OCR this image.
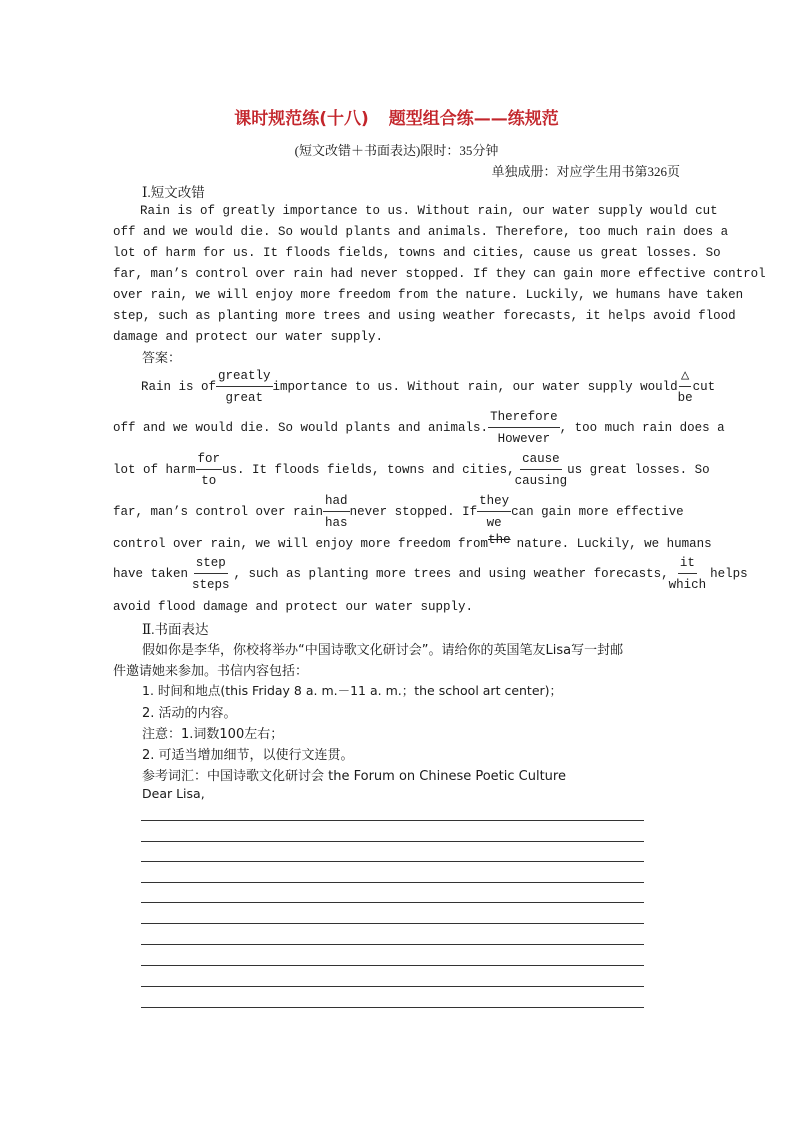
课时规范练(十八) 题型组合练——练规范
(短文改错＋书面表达)限时：35分钟
单独成册：对应学生用书第326页
Ⅰ.短文改错
Rain is of greatly importance to us. Without rain, our water supply would cut
off and we would die. So would plants and animals. Therefore, too much rain does a
lot of harm for us. It floods fields, towns and cities, cause us great losses. So
far, man’s control over rain had never stopped. If they can gain more effective control
over rain, we will enjoy more freedom from the nature. Luckily, we humans have taken
step, such as planting more trees and using weather forecasts, it helps avoid flood
damage and protect our water supply.
答案：
Rain is of $\frac{\text{greatly}}{\text{great}}$ importance to us. Without rain, our water supply would $\frac{\triangle}{be}$ cut
off and we would die. So would plants and animals. $\frac{\text{Therefore}}{\text{However}}$ , too much rain does a
lot of harm $\frac{\text{for}}{to}$ us. It floods fields, towns and cities, $\frac{\text{cause}}{\text{causing}}$ us great losses. So
far, man’s control over rain $\frac{\text{had}}{\text{has}}$ never stopped. If $\frac{\text{they}}{we}$ can gain more effective
control over rain, we will enjoy more freedom from the nature. Luckily, we humans
have taken $\frac{\text{step}}{\text{steps}}$ , such as planting more trees and using weather forecasts, $\frac{it}{\text{which}}$ helps
avoid flood damage and protect our water supply.
Ⅱ.书面表达
假如你是李华，你校将举办“中国诗歌文化研讨会”。请给你的英国笔友Lisa写一封邮
件邀请她来参加。书信内容包括：
1. 时间和地点(this Friday 8 a. m.－11 a. m.；the school art center)；
2. 活动的内容。
注意：1.词数100左右；
2. 可适当增加细节，以使行文连贯。
参考词汇：中国诗歌文化研讨会 the Forum on Chinese Poetic Culture
Dear Lisa,
